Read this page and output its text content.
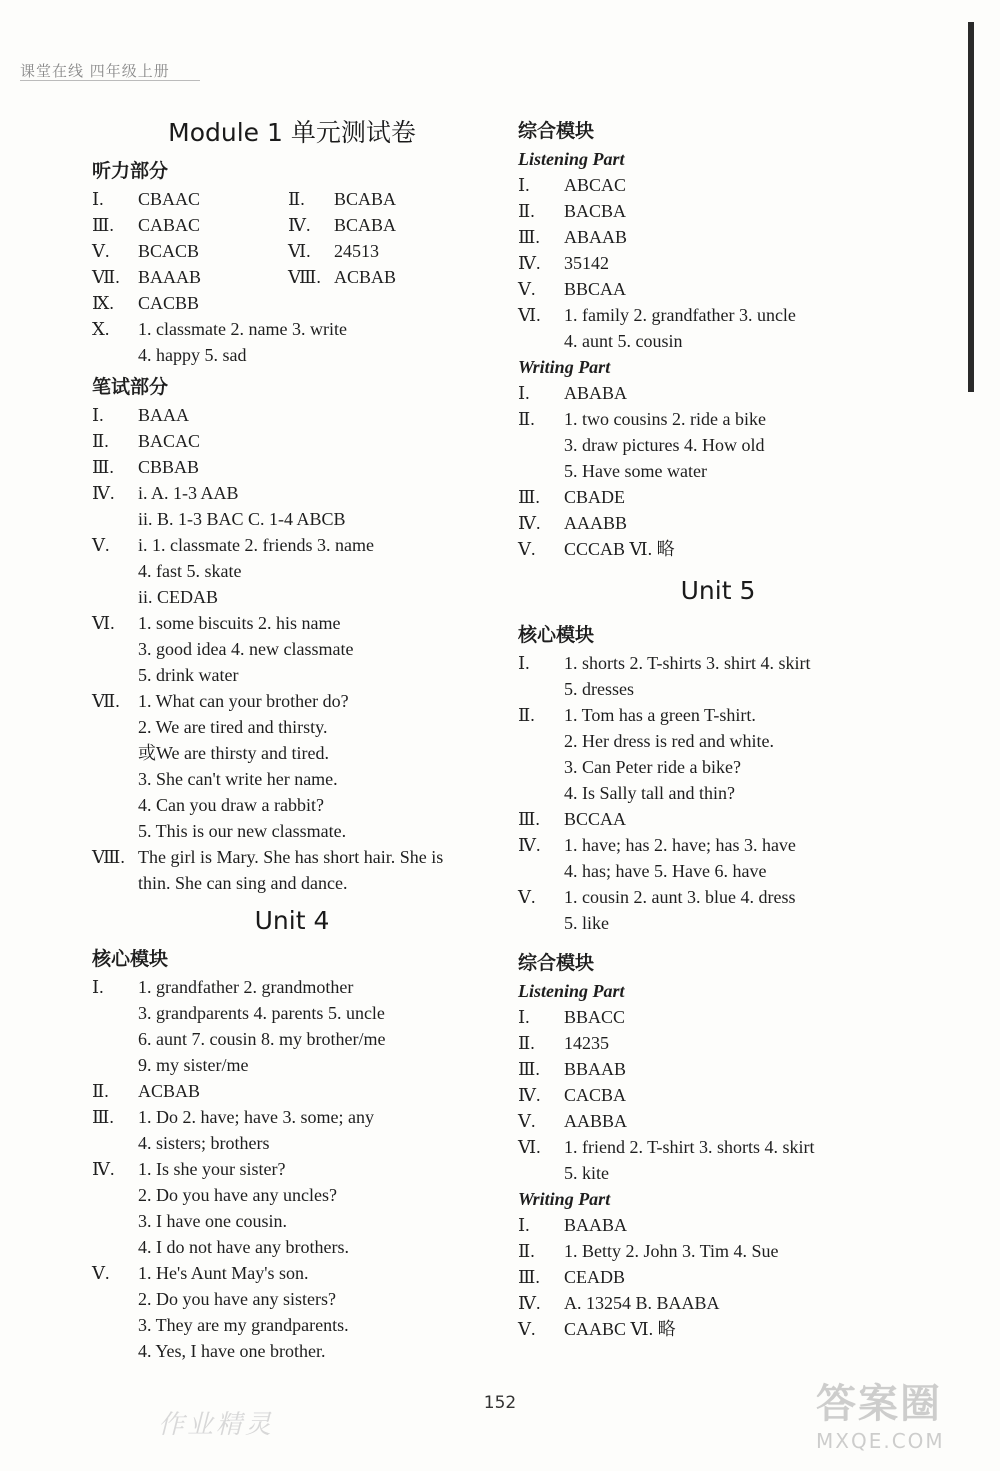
课堂在线 四年级上册
Module 1 单元测试卷
听力部分
Ⅰ.	CBAAC	Ⅱ.	BCABA
Ⅲ.	CABAC	Ⅳ.	BCABA
Ⅴ.	BCACB	Ⅵ.	24513
Ⅶ.	BAAAB	Ⅷ. ACBAB
Ⅸ.	CACBB
Ⅹ.	1. classmate 2. name 3. write
4. happy 5. sad
笔试部分
Ⅰ.	BAAA
Ⅱ.	BACAC
Ⅲ.	CBBAB
Ⅳ.	i. A. 1-3 AAB
ii. B. 1-3 BAC C. 1-4 ABCB
Ⅴ.	i. 1. classmate 2. friends 3. name
4. fast 5. skate
ii. CEDAB
Ⅵ.	1. some biscuits 2. his name
3. good idea 4. new classmate
5. drink water
Ⅶ.	1. What can your brother do?
2. We are tired and thirsty.
或We are thirsty and tired.
3. She can't write her name.
4. Can you draw a rabbit?
5. This is our new classmate.
Ⅷ. The girl is Mary. She has short hair. She is
thin. She can sing and dance.
Unit 4
核心模块
Ⅰ.	1. grandfather 2. grandmother
3. grandparents 4. parents 5. uncle
6. aunt 7. cousin 8. my brother/me
9. my sister/me
Ⅱ.	ACBAB
Ⅲ.	1. Do 2. have; have 3. some; any
4. sisters; brothers
Ⅳ.	1. Is she your sister?
2. Do you have any uncles?
3. I have one cousin.
4. I do not have any brothers.
Ⅴ.	1. He's Aunt May's son.
2. Do you have any sisters?
3. They are my grandparents.
4. Yes, I have one brother.
综合模块
Listening Part
Ⅰ.	ABCAC
Ⅱ.	BACBA
Ⅲ.	ABAAB
Ⅳ.	35142
Ⅴ.	BBCAA
Ⅵ.	1. family 2. grandfather 3. uncle
4. aunt 5. cousin
Writing Part
Ⅰ.	ABABA
Ⅱ.	1. two cousins 2. ride a bike
3. draw pictures 4. How old
5. Have some water
Ⅲ.	CBADE
Ⅳ.	AAABB
Ⅴ.	CCCAB Ⅵ. 略
Unit 5
核心模块
Ⅰ.	1. shorts 2. T-shirts 3. shirt 4. skirt
5. dresses
Ⅱ.	1. Tom has a green T-shirt.
2. Her dress is red and white.
3. Can Peter ride a bike?
4. Is Sally tall and thin?
Ⅲ.	BCCAA
Ⅳ.	1. have; has 2. have; has 3. have
4. has; have 5. Have 6. have
Ⅴ.	1. cousin 2. aunt 3. blue 4. dress
5. like
综合模块
Listening Part
Ⅰ.	BBACC
Ⅱ.	14235
Ⅲ.	BBAAB
Ⅳ.	CACBA
Ⅴ.	AABBA
Ⅵ.	1. friend 2. T-shirt 3. shorts 4. skirt
5. kite
Writing Part
Ⅰ.	BAABA
Ⅱ.	1. Betty 2. John 3. Tim 4. Sue
Ⅲ.	CEADB
Ⅳ.	A. 13254 B. BAABA
Ⅴ.	CAABC Ⅵ. 略
152
作业精灵	答案圈
MXQE.COM
